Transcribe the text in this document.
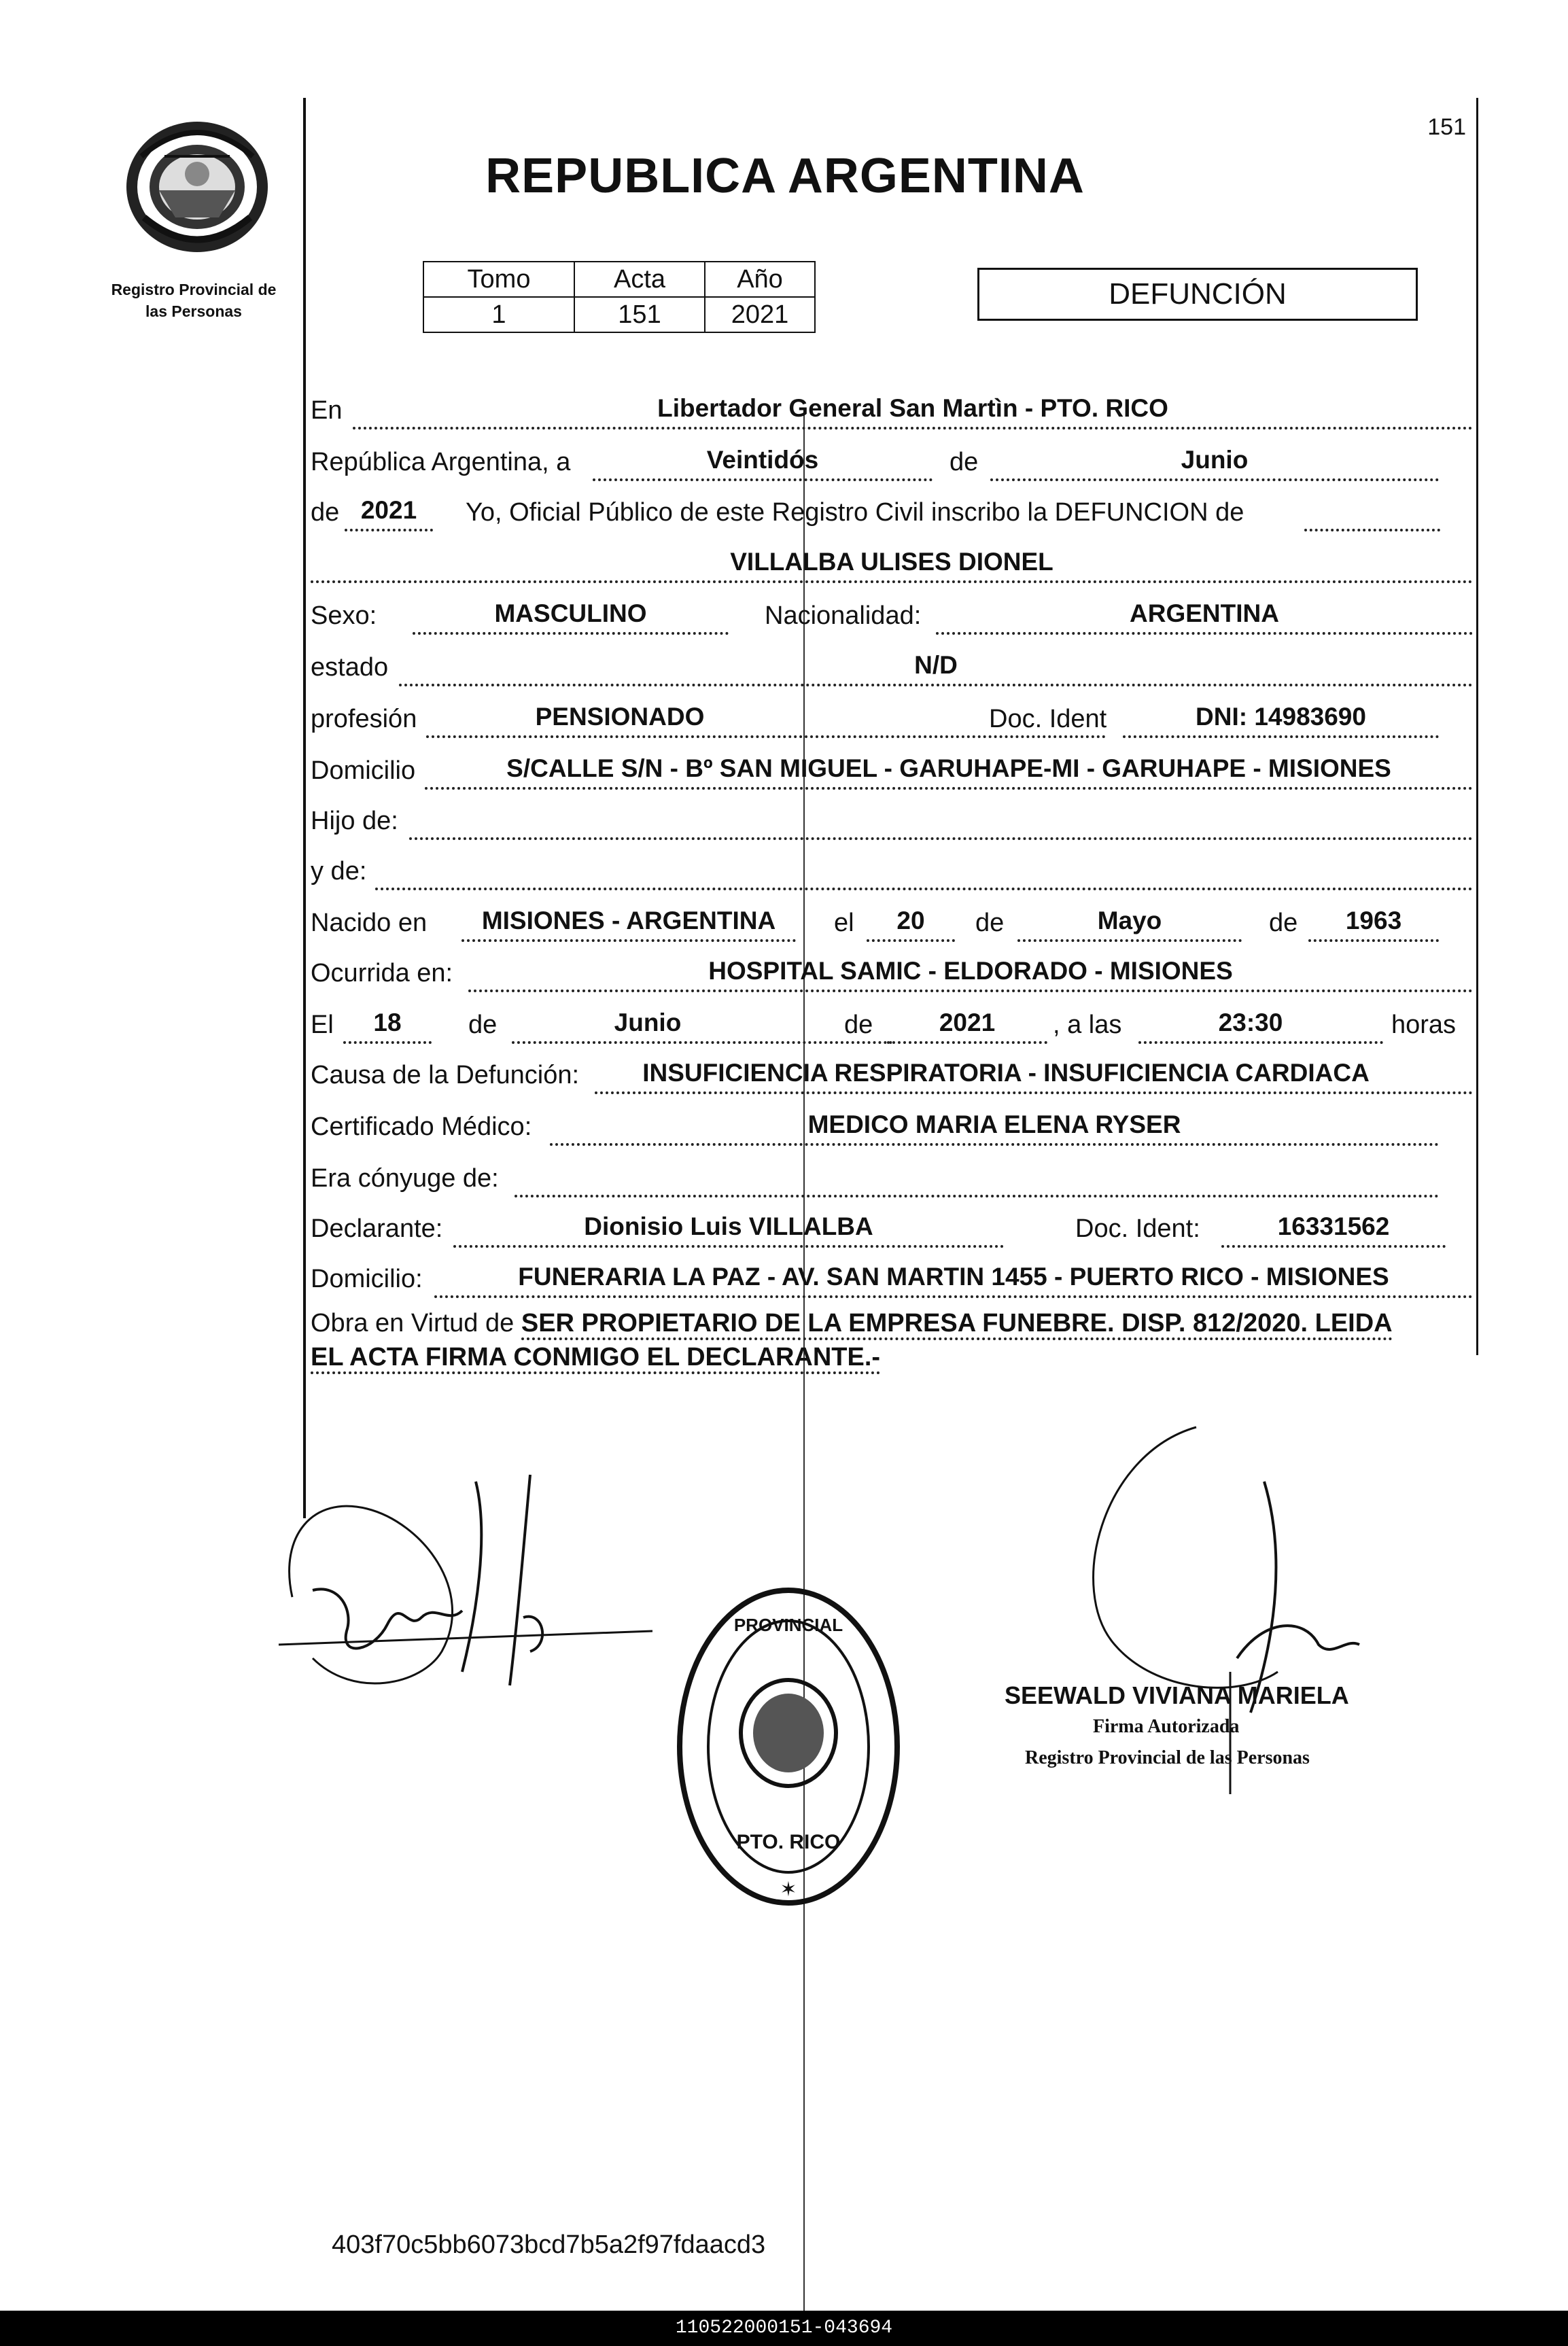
Registro Provincial de
las Personas
151
REPUBLICA ARGENTINA
Tomo	Acta	Año
1	151	2021
DEFUNCIÓN
En	Libertador General San Martìn - PTO. RICO
República Argentina, a	Veintidós	de	Junio
de 2021	Yo, Oficial Público de este Registro Civil inscribo la DEFUNCION de
VILLALBA ULISES DIONEL
Sexo:	MASCULINO	Nacionalidad:	ARGENTINA
estado	N/D
profesión	PENSIONADO	Doc. Ident	DNI: 14983690
Domicilio	S/CALLE S/N - Bº SAN MIGUEL - GARUHAPE-MI - GARUHAPE - MISIONES
Hijo de:
y de:
Nacido en	MISIONES - ARGENTINA	el	20	de	Mayo	de	1963
Ocurrida en:	HOSPITAL SAMIC - ELDORADO - MISIONES
El	18	de	Junio	de	2021	, a las	23:30	horas
Causa de la Defunción:	INSUFICIENCIA RESPIRATORIA - INSUFICIENCIA CARDIACA
Certificado Médico:	MEDICO MARIA ELENA RYSER
Era cónyuge de:
Declarante:	Dionisio Luis VILLALBA	Doc. Ident:	16331562
Domicilio:	FUNERARIA LA PAZ - AV. SAN MARTIN 1455 - PUERTO RICO - MISIONES
Obra en Virtud de SER PROPIETARIO DE LA EMPRESA FUNEBRE. DISP. 812/2020. LEIDA
EL ACTA FIRMA CONMIGO EL DECLARANTE.-
PROVINCIAL
PTO. RICO
✶
SEEWALD VIVIANA MARIELA
Firma Autorizada
Registro Provincial de las Personas
403f70c5bb6073bcd7b5a2f97fdaacd3
110522000151-043694
